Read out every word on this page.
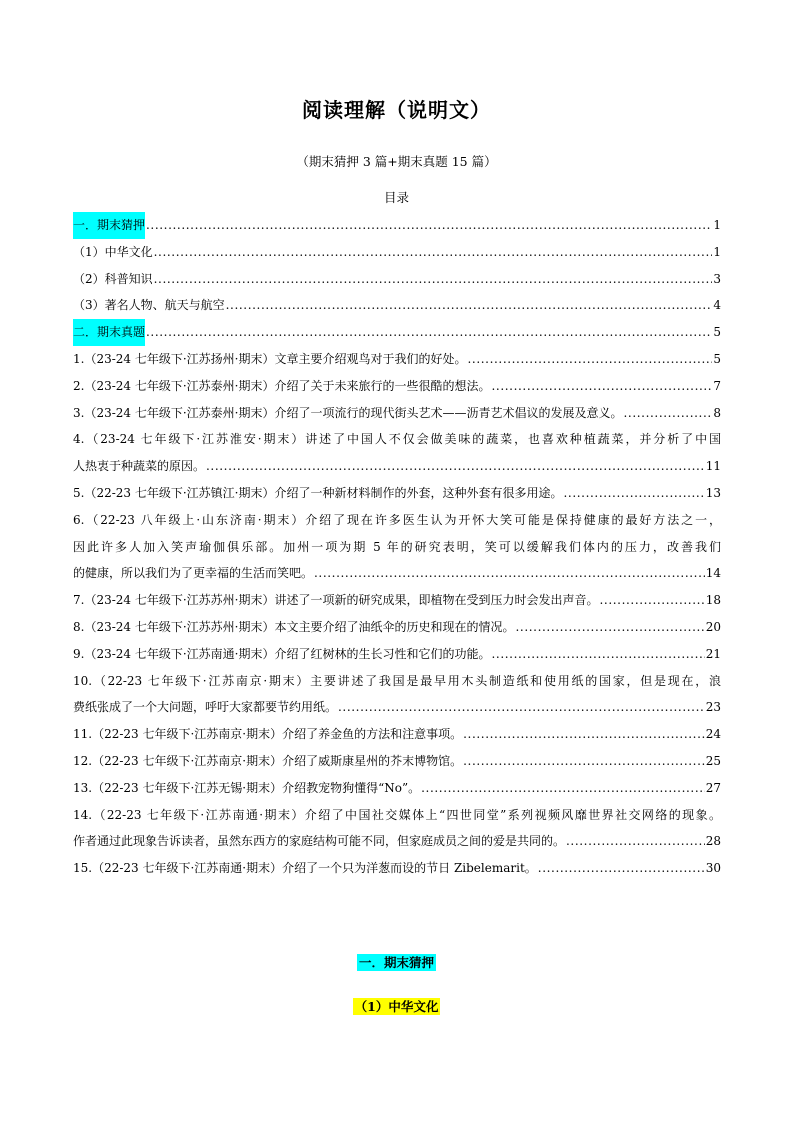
阅读理解（说明文）
（期末猜押 3 篇+期末真题 15 篇）
目录
一．期末猜押 .....	1
（1）中华文化 .....	1
（2）科普知识 .....	3
（3）著名人物、航天与航空 .....	4
二．期末真题 .....	5
1.（23-24 七年级下·江苏扬州·期末）文章主要介绍观鸟对于我们的好处。 .....	5
2.（23-24 七年级下·江苏泰州·期末）介绍了关于未来旅行的一些很酷的想法。 .....	7
3.（23-24 七年级下·江苏泰州·期末）介绍了一项流行的现代街头艺术——沥青艺术倡议的发展及意义。 .....	8
4.（23-24 七年级下·江苏淮安·期末）讲述了中国人不仅会做美味的蔬菜，也喜欢种植蔬菜，并分析了中国
人热衷于种蔬菜的原因。 .....	11
5.（22-23 七年级下·江苏镇江·期末）介绍了一种新材料制作的外套，这种外套有很多用途。 .....	13
6.（22-23 八年级上·山东济南·期末）介绍了现在许多医生认为开怀大笑可能是保持健康的最好方法之一，
因此许多人加入笑声瑜伽俱乐部。加州一项为期 5 年的研究表明，笑可以缓解我们体内的压力，改善我们
的健康，所以我们为了更幸福的生活而笑吧。 .....	14
7.（23-24 七年级下·江苏苏州·期末）讲述了一项新的研究成果，即植物在受到压力时会发出声音。 .....	18
8.（23-24 七年级下·江苏苏州·期末）本文主要介绍了油纸伞的历史和现在的情况。 .....	20
9.（23-24 七年级下·江苏南通·期末）介绍了红树林的生长习性和它们的功能。 .....	21
10.（22-23 七年级下·江苏南京·期末）主要讲述了我国是最早用木头制造纸和使用纸的国家，但是现在，浪
费纸张成了一个大问题，呼吁大家都要节约用纸。 .....	23
11.（22-23 七年级下·江苏南京·期末）介绍了养金鱼的方法和注意事项。 .....	24
12.（22-23 七年级下·江苏南京·期末）介绍了威斯康星州的芥末博物馆。 .....	25
13.（22-23 七年级下·江苏无锡·期末）介绍教宠物狗懂得“No”。 .....	27
14.（22-23 七年级下·江苏南通·期末）介绍了中国社交媒体上“四世同堂”系列视频风靡世界社交网络的现象。
作者通过此现象告诉读者，虽然东西方的家庭结构可能不同，但家庭成员之间的爱是共同的。 .....	28
15.（22-23 七年级下·江苏南通·期末）介绍了一个只为洋葱而设的节日 Zibelemarit。 .....	30
一．期末猜押
（1）中华文化
